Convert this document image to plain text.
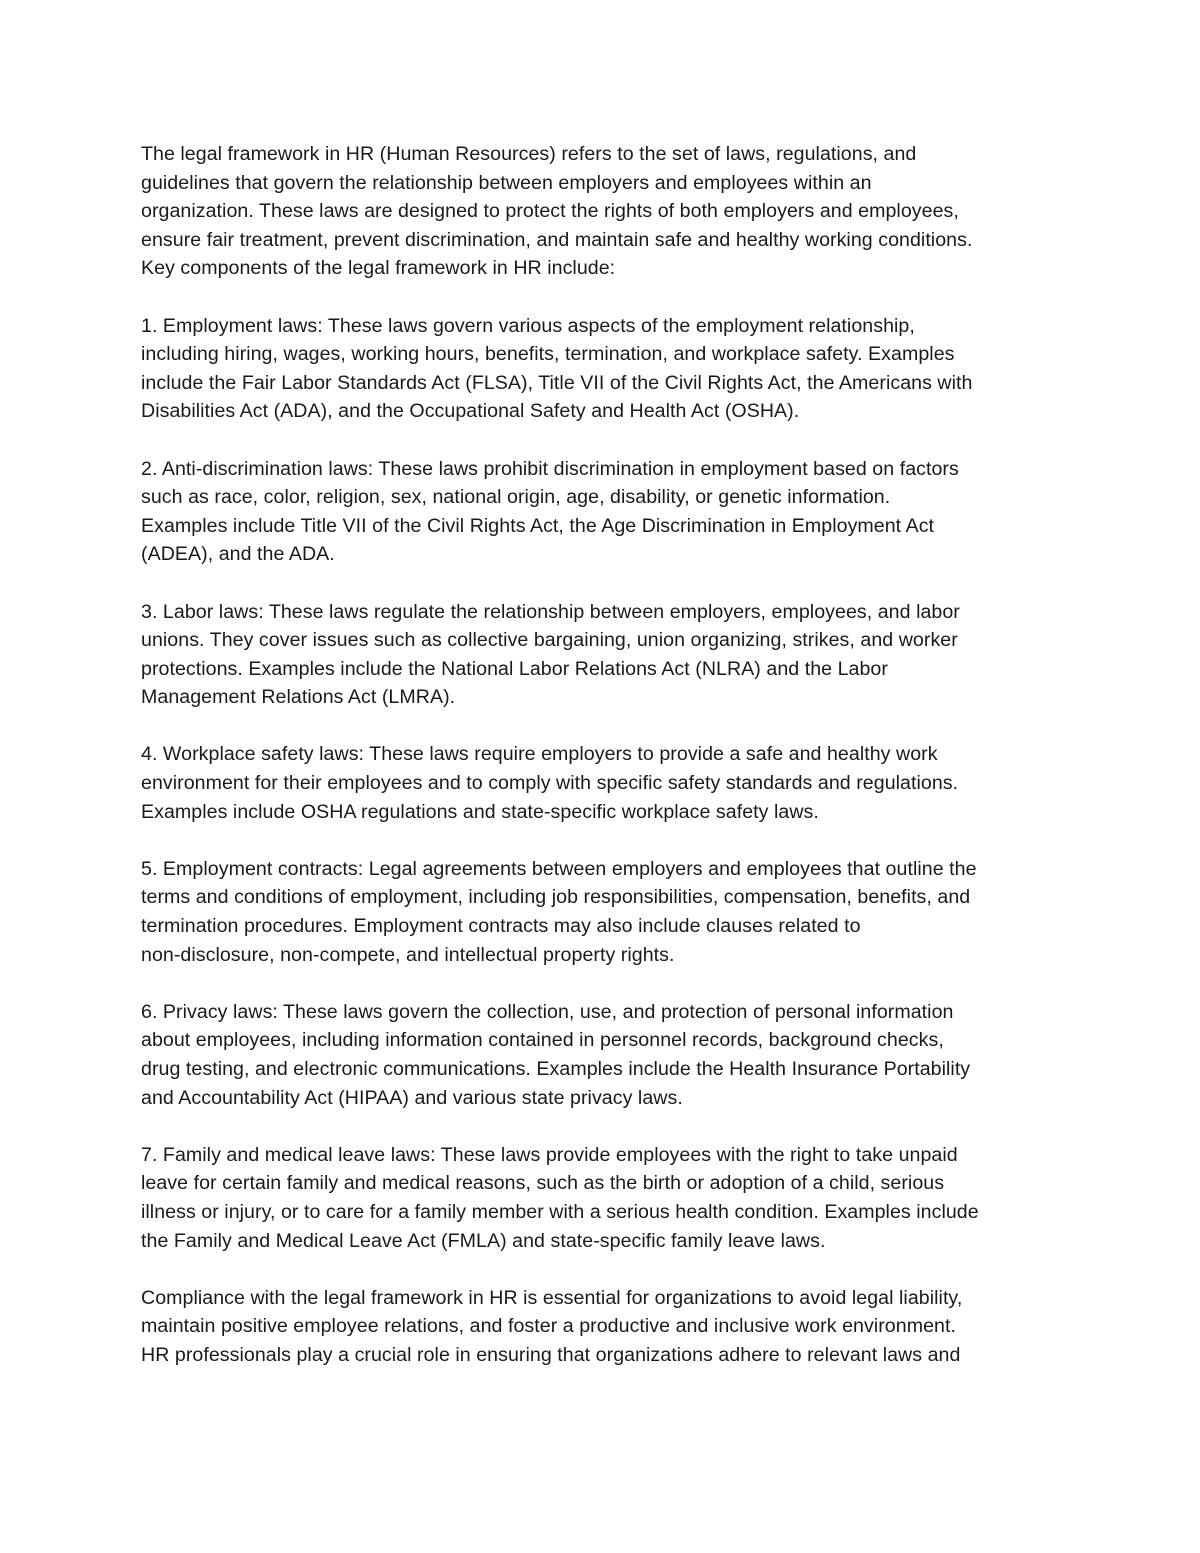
The legal framework in HR (Human Resources) refers to the set of laws, regulations, and
guidelines that govern the relationship between employers and employees within an
organization. These laws are designed to protect the rights of both employers and employees,
ensure fair treatment, prevent discrimination, and maintain safe and healthy working conditions.
Key components of the legal framework in HR include:

1. Employment laws: These laws govern various aspects of the employment relationship,
including hiring, wages, working hours, benefits, termination, and workplace safety. Examples
include the Fair Labor Standards Act (FLSA), Title VII of the Civil Rights Act, the Americans with
Disabilities Act (ADA), and the Occupational Safety and Health Act (OSHA).

2. Anti-discrimination laws: These laws prohibit discrimination in employment based on factors
such as race, color, religion, sex, national origin, age, disability, or genetic information.
Examples include Title VII of the Civil Rights Act, the Age Discrimination in Employment Act
(ADEA), and the ADA.

3. Labor laws: These laws regulate the relationship between employers, employees, and labor
unions. They cover issues such as collective bargaining, union organizing, strikes, and worker
protections. Examples include the National Labor Relations Act (NLRA) and the Labor
Management Relations Act (LMRA).

4. Workplace safety laws: These laws require employers to provide a safe and healthy work
environment for their employees and to comply with specific safety standards and regulations.
Examples include OSHA regulations and state-specific workplace safety laws.

5. Employment contracts: Legal agreements between employers and employees that outline the
terms and conditions of employment, including job responsibilities, compensation, benefits, and
termination procedures. Employment contracts may also include clauses related to
non-disclosure, non-compete, and intellectual property rights.

6. Privacy laws: These laws govern the collection, use, and protection of personal information
about employees, including information contained in personnel records, background checks,
drug testing, and electronic communications. Examples include the Health Insurance Portability
and Accountability Act (HIPAA) and various state privacy laws.

7. Family and medical leave laws: These laws provide employees with the right to take unpaid
leave for certain family and medical reasons, such as the birth or adoption of a child, serious
illness or injury, or to care for a family member with a serious health condition. Examples include
the Family and Medical Leave Act (FMLA) and state-specific family leave laws.

Compliance with the legal framework in HR is essential for organizations to avoid legal liability,
maintain positive employee relations, and foster a productive and inclusive work environment.
HR professionals play a crucial role in ensuring that organizations adhere to relevant laws and
